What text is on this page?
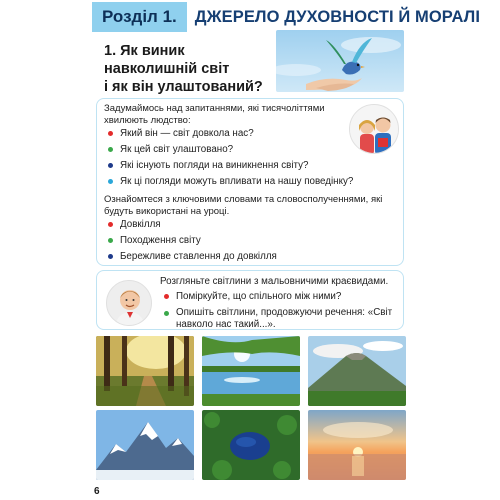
Розділ 1.	ДЖЕРЕЛО ДУХОВНОСТІ Й МОРАЛІ
1. Як виник навколишній світ
і як він улаштований?
Задумаймось над запитаннями, які тисячоліттями хвилюють людство:
Який він — світ довкола нас?
Як цей світ улаштовано?
Які існують погляди на виникнення світу?
Як ці погляди можуть впливати на нашу поведінку?
Ознайомтеся з ключовими словами та словосполученнями, які будуть використані на уроці.
Довкілля
Походження світу
Бережливе ставлення до довкілля
Розгляньте світлини з мальовничими краєвидами.
Поміркуйте, що спільного між ними?
Опишіть світлини, продовжуючи речення: «Світ навколо нас такий...».
6
